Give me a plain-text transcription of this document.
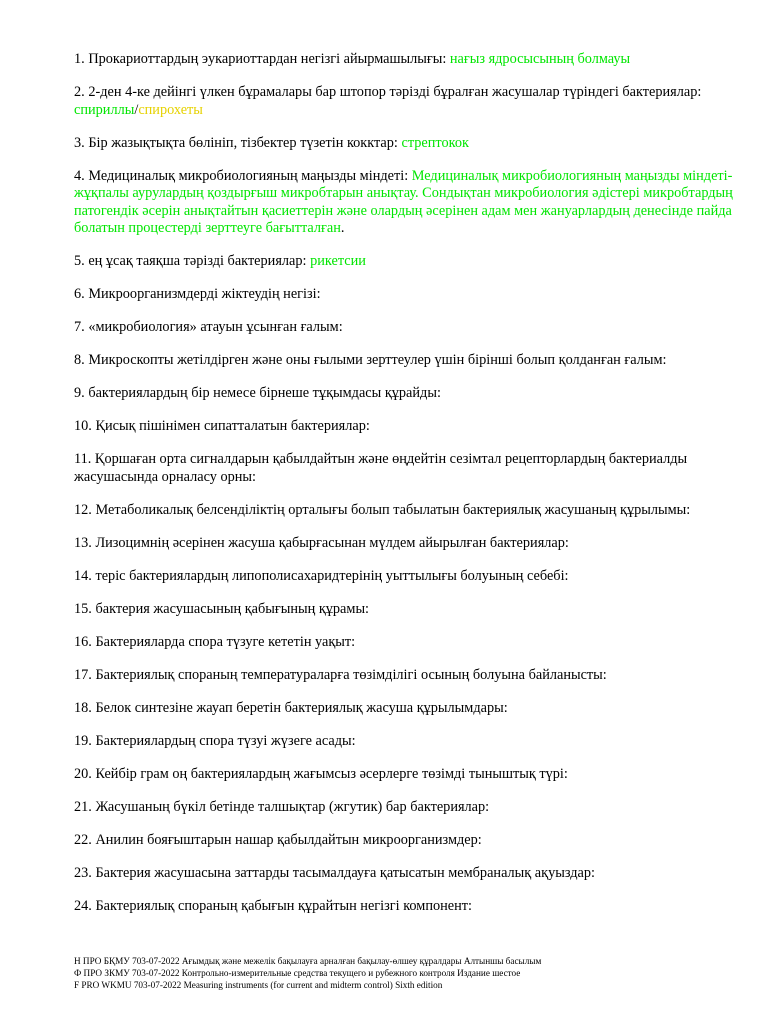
1. Прокариоттардың эукариоттардан негізгі айырмашылығы: нағыз ядросысының болмауы

2. 2-ден 4-ке дейінгі үлкен бұрамалары бар штопор тәрізді бұралған жасушалар түріндегі бактериялар: спириллы/спирохеты

3. Бір жазықтықта бөлініп, тізбектер түзетін кокктар: стрептокок

4. Медициналық микробиологияның маңызды міндеті: Медициналық микробиологияның маңызды міндеті-жұқпалы аурулардың қоздырғыш микробтарын анықтау. Сондықтан микробиология әдістері микробтардың патогендік әсерін анықтайтын қасиеттерін және олардың әсерінен адам мен жануарлардың денесінде пайда болатын процестерді зерттеуге бағытталған.

5. ең ұсақ таяқша тәрізді бактериялар: рикетсии

6. Микроорганизмдерді жіктеудің негізі:

7. «микробиология» атауын ұсынған ғалым:

8. Микроскопты жетілдірген және оны ғылыми зерттеулер үшін бірінші болып қолданған ғалым:

9. бактериялардың бір немесе бірнеше тұқымдасы құрайды:

10. Қисық пішінімен сипатталатын бактериялар:

11. Қоршаған орта сигналдарын қабылдайтын және өңдейтін сезімтал рецепторлардың бактериалды жасушасында орналасу орны:

12. Метаболикалық белсенділіктің орталығы болып табылатын бактериялық жасушаның құрылымы:

13. Лизоцимнің әсерінен жасуша қабырғасынан мүлдем айырылған бактериялар:

14. теріс бактериялардың липополисахаридтерінің уыттылығы болуының себебі:

15. бактерия жасушасының қабығының құрамы:

16. Бактерияларда спора түзуге кететін уақыт:

17. Бактериялық спораның температураларға төзімділігі осының болуына байланысты:

18. Белок синтезіне жауап беретін бактериялық жасуша құрылымдары:

19. Бактериялардың спора түзуі жүзеге асады:

20. Кейбір грам оң бактериялардың жағымсыз әсерлерге төзімді тыныштық түрі:

21. Жасушаның бүкіл бетінде талшықтар (жгутик) бар бактериялар:

22. Анилин бояғыштарын нашар қабылдайтын микроорганизмдер:

23. Бактерия жасушасына заттарды тасымалдауға қатысатын мембраналық ақуыздар:

24. Бактериялық спораның қабығын құрайтын негізгі компонент:

Н ПРО БҚМУ 703-07-2022 Ағымдық және межелік бақылауға арналған бақылау-өлшеу құралдары Алтыншы басылым
Ф ПРО ЗКМУ 703-07-2022 Контрольно-измерительные средства текущего и рубежного контроля Издание шестое
F PRO WKMU 703-07-2022 Measuring instruments (for current and midterm control) Sixth edition
